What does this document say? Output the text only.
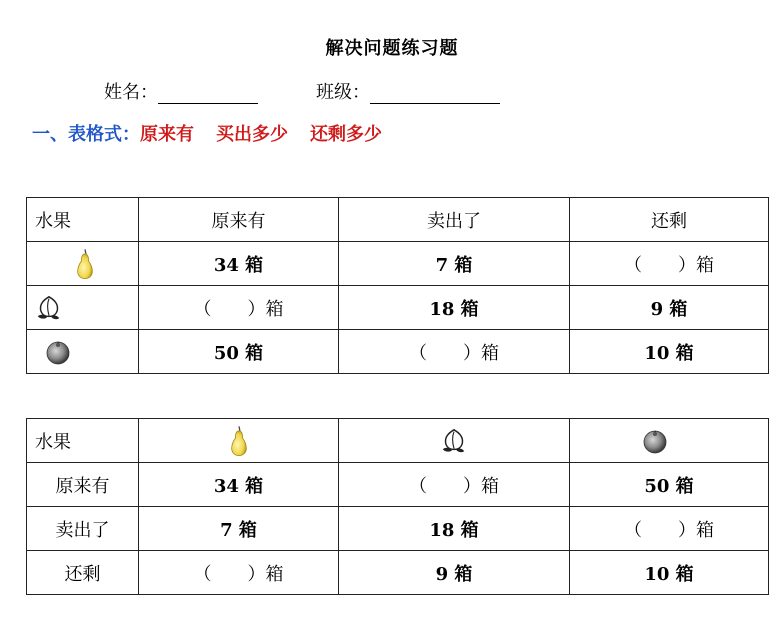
解决问题练习题
姓名：	班级：
一、表格式：原来有 买出多少 还剩多少
水果	原来有	卖出了	还剩
	34 箱	7 箱	（　　）箱
	（　　）箱	18 箱	9 箱
	50 箱	（　　）箱	10 箱
水果			
原来有	34 箱	（　　）箱	50 箱
卖出了	7 箱	18 箱	（　　）箱
还剩	（　　）箱	9 箱	10 箱
